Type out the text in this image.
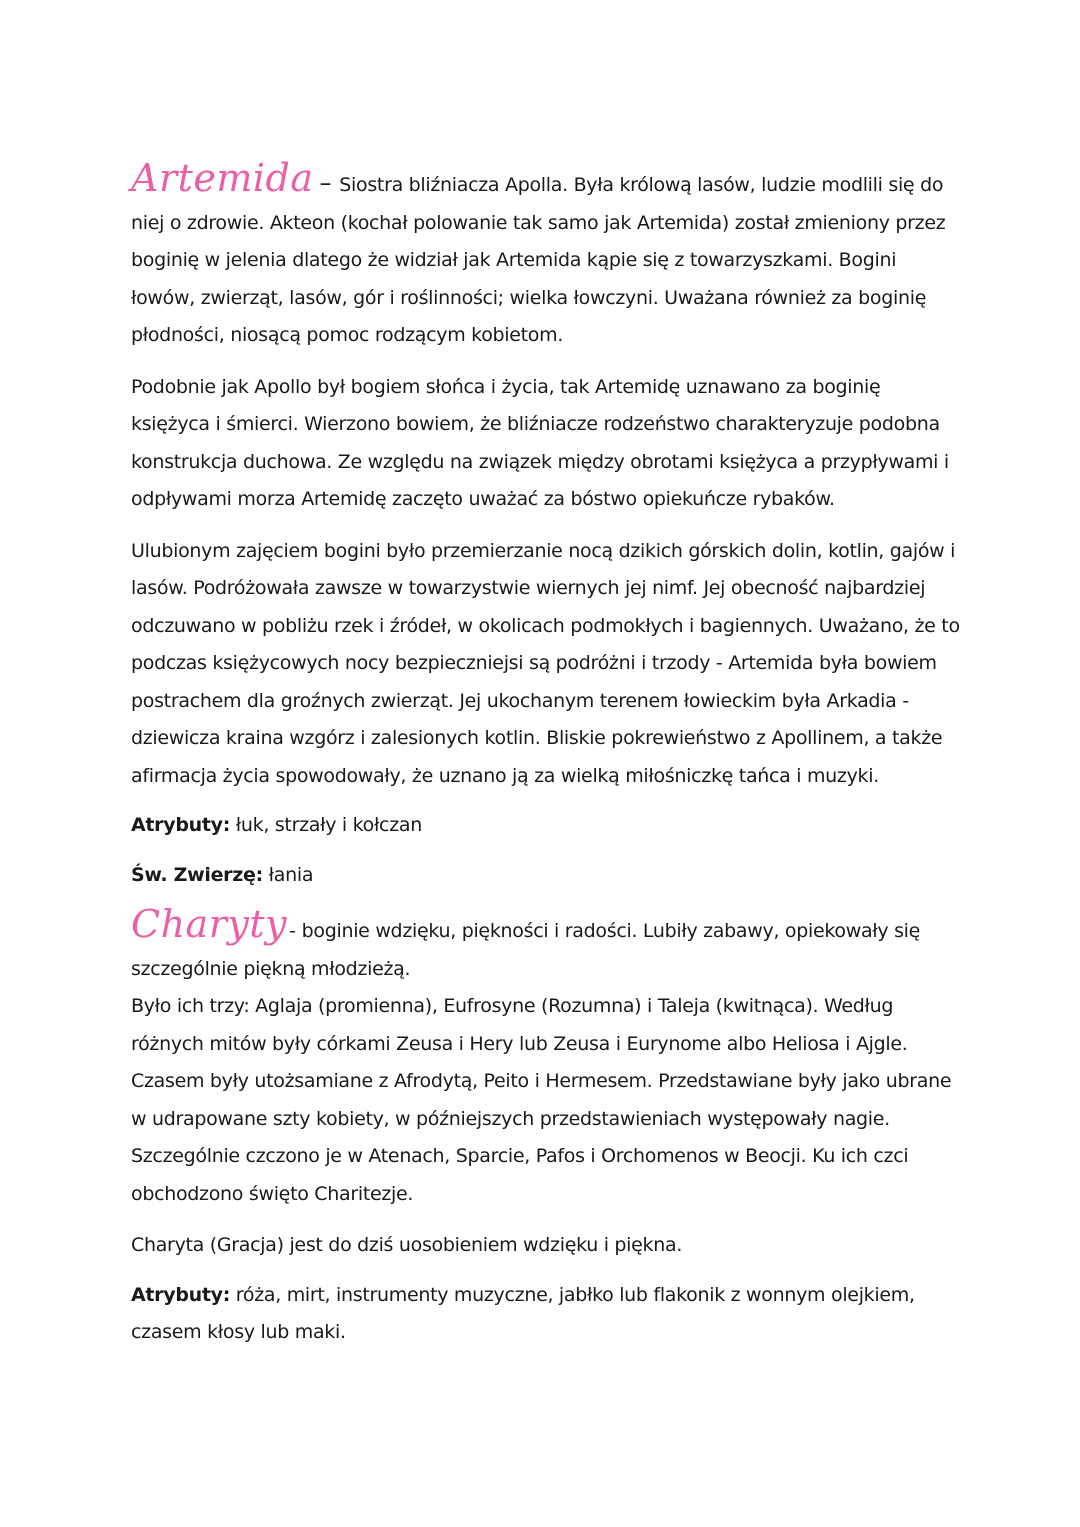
Artemida – Siostra bliźniacza Apolla. Była królową lasów, ludzie modlili się do niej o zdrowie. Akteon (kochał polowanie tak samo jak Artemida) został zmieniony przez boginię w jelenia dlatego że widział jak Artemida kąpie się z towarzyszkami. Bogini łowów, zwierząt, lasów, gór i roślinności; wielka łowczyni. Uważana również za boginię płodności, niosącą pomoc rodzącym kobietom.

Podobnie jak Apollo był bogiem słońca i życia, tak Artemidę uznawano za boginię księżyca i śmierci. Wierzono bowiem, że bliźniacze rodzeństwo charakteryzuje podobna konstrukcja duchowa. Ze względu na związek między obrotami księżyca a przypływami i odpływami morza Artemidę zaczęto uważać za bóstwo opiekuńcze rybaków.

Ulubionym zajęciem bogini było przemierzanie nocą dzikich górskich dolin, kotlin, gajów i lasów. Podróżowała zawsze w towarzystwie wiernych jej nimf. Jej obecność najbardziej odczuwano w pobliżu rzek i źródeł, w okolicach podmokłych i bagiennych. Uważano, że to podczas księżycowych nocy bezpieczniejsi są podróżni i trzody - Artemida była bowiem postrachem dla groźnych zwierząt. Jej ukochanym terenem łowieckim była Arkadia - dziewicza kraina wzgórz i zalesionych kotlin. Bliskie pokrewieństwo z Apollinem, a także afirmacja życia spowodowały, że uznano ją za wielką miłośniczkę tańca i muzyki.

Atrybuty: łuk, strzały i kołczan

Św. Zwierzę: łania

Charyty - boginie wdzięku, piękności i radości. Lubiły zabawy, opiekowały się szczególnie piękną młodzieżą.
Było ich trzy: Aglaja (promienna), Eufrosyne (Rozumna) i Taleja (kwitnąca). Według różnych mitów były córkami Zeusa i Hery lub Zeusa i Eurynome albo Heliosa i Ajgle. Czasem były utożsamiane z Afrodytą, Peito i Hermesem. Przedstawiane były jako ubrane w udrapowane szty kobiety, w późniejszych przedstawieniach występowały nagie. Szczególnie czczono je w Atenach, Sparcie, Pafos i Orchomenos w Beocji. Ku ich czci obchodzono święto Charitezje.

Charyta (Gracja) jest do dziś uosobieniem wdzięku i piękna.

Atrybuty: róża, mirt, instrumenty muzyczne, jabłko lub flakonik z wonnym olejkiem, czasem kłosy lub maki.
